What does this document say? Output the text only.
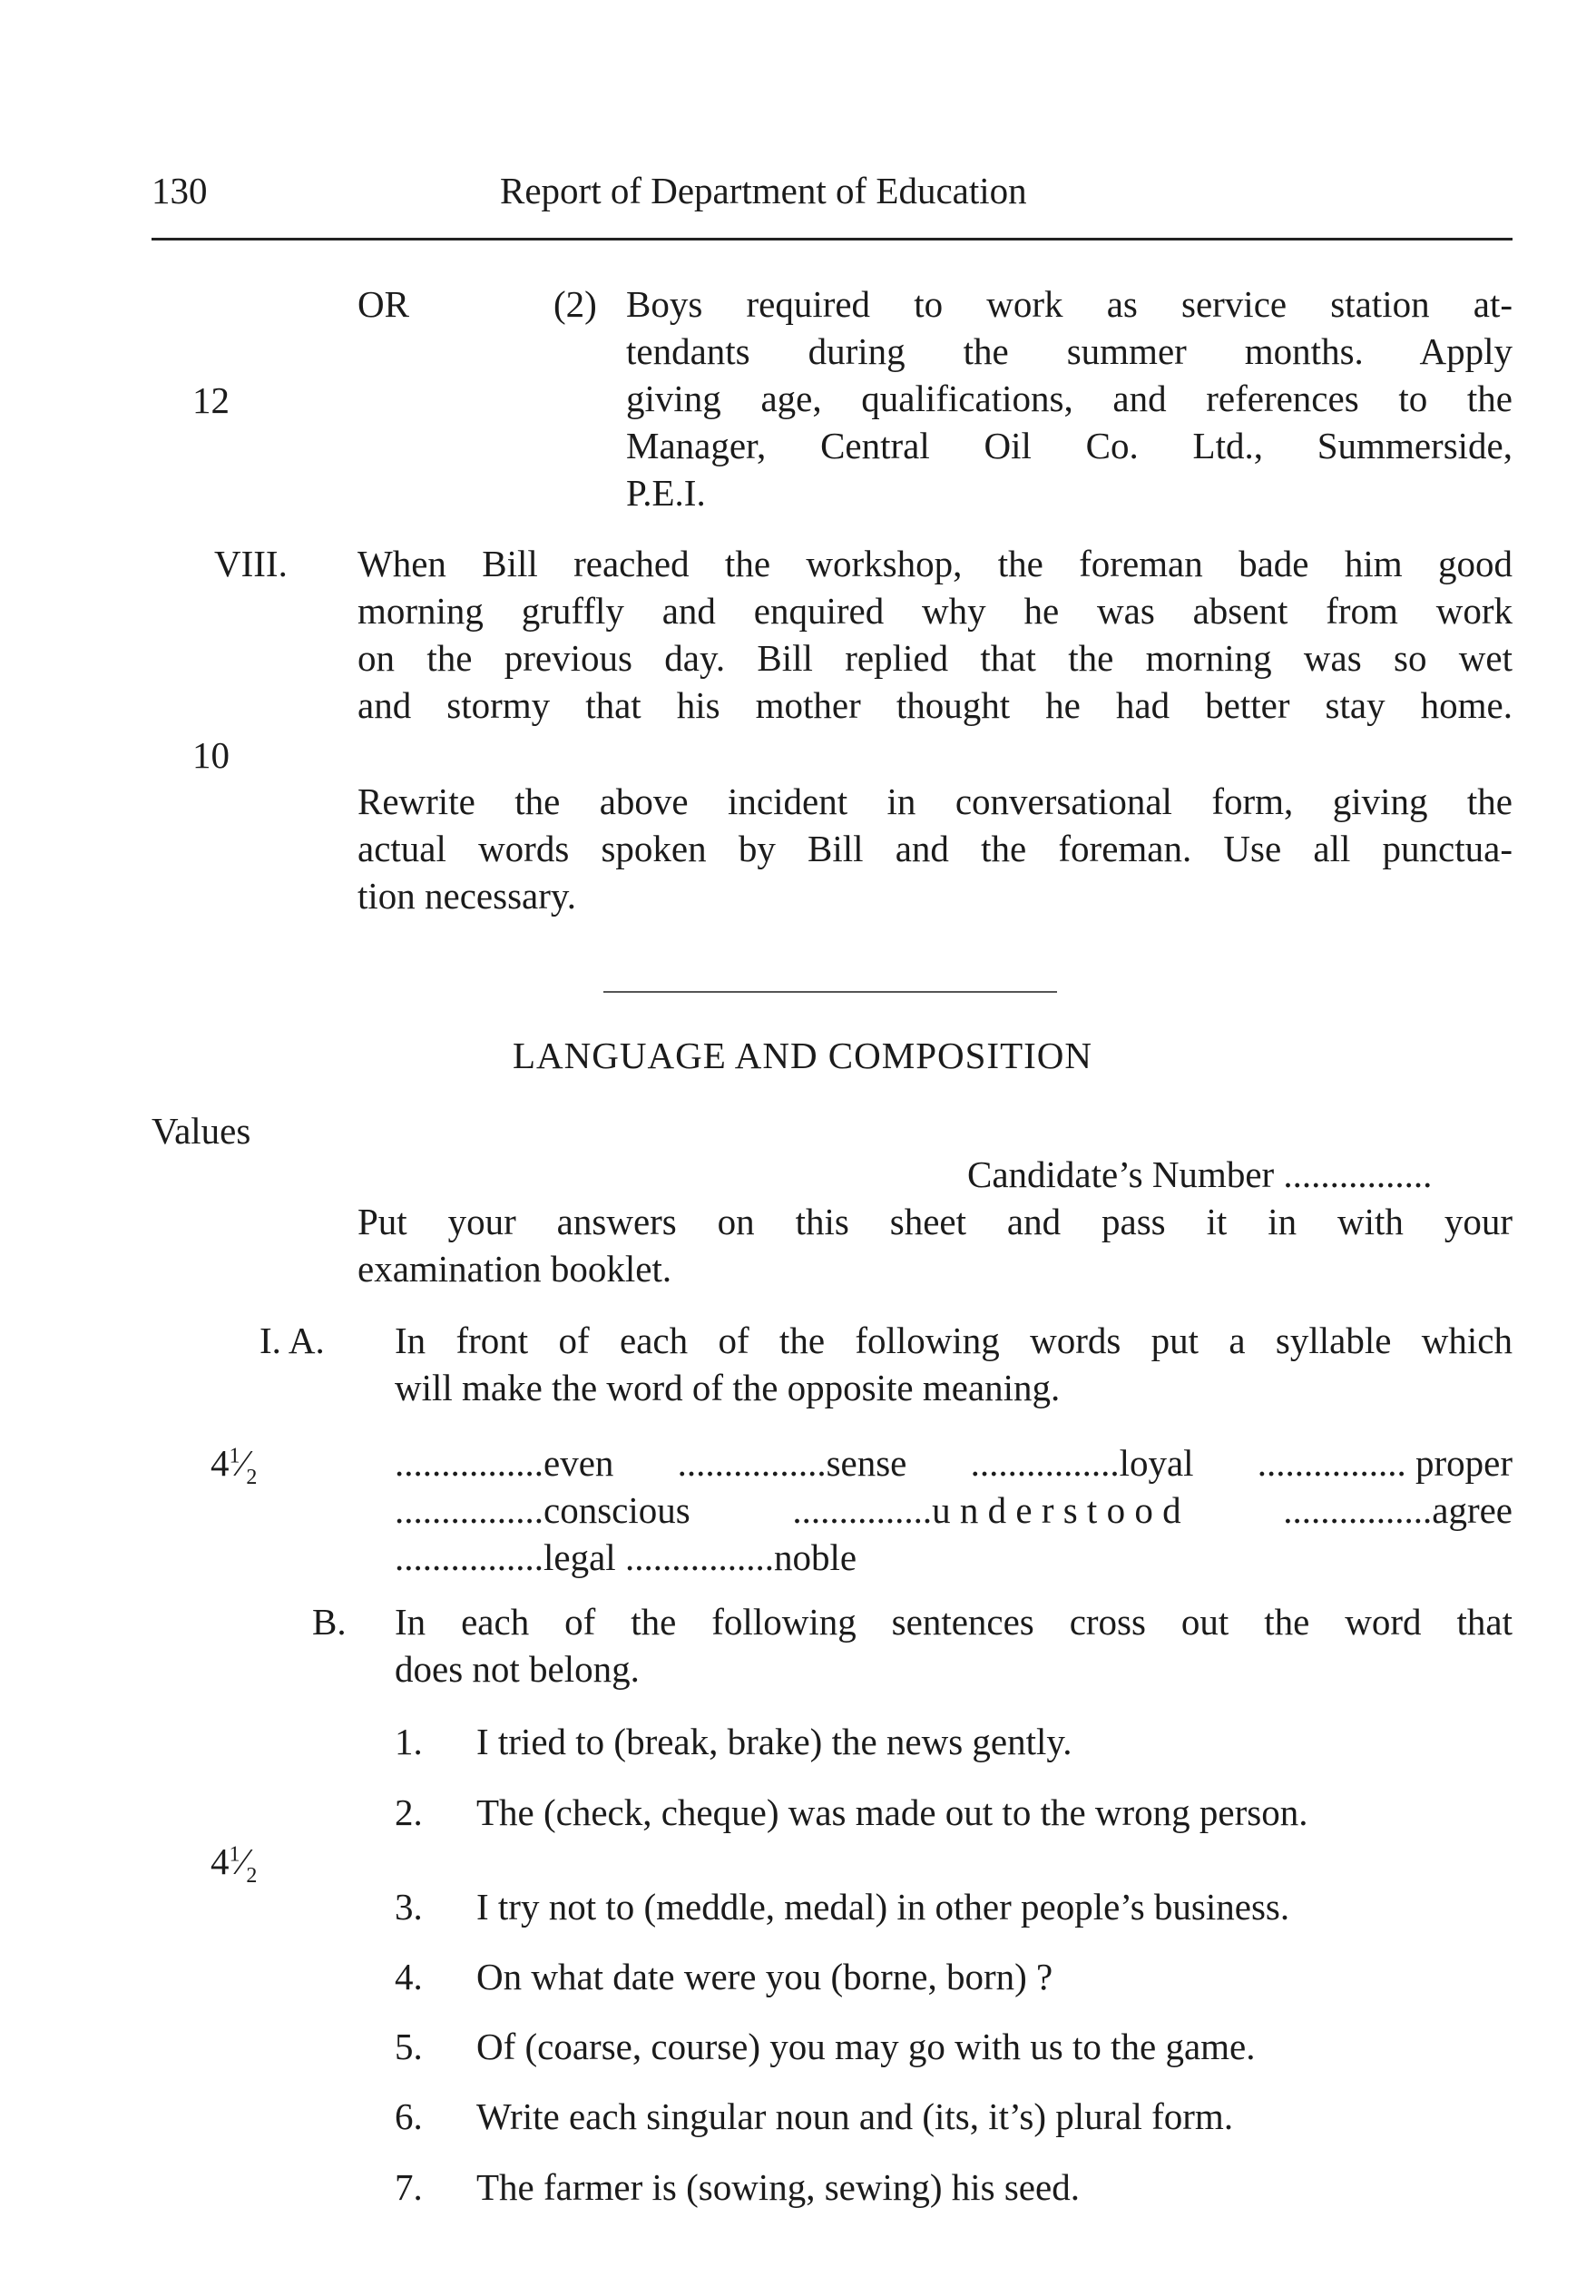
130	Report of Department of Education
OR	(2) Boys required to work as service station at-
tendants during the summer months. Apply
giving age, qualifications, and references to the
Manager, Central Oil Co. Ltd., Summerside,
P.E.I.
12
VIII. When Bill reached the workshop, the foreman bade him good
morning gruffly and enquired why he was absent from work
on the previous day. Bill replied that the morning was so wet
and stormy that his mother thought he had better stay home.
10
Rewrite the above incident in conversational form, giving the
actual words spoken by Bill and the foreman. Use all punctua-
tion necessary.
LANGUAGE AND COMPOSITION
Values
Candidate’s Number ................
Put your answers on this sheet and pass it in with your
examination booklet.
I. A. In front of each of the following words put a syllable which
will make the word of the opposite meaning.
$4^1⁄_2$	................even ................sense ................loyal ................ proper
................conscious	...............u n d e r s t o o d	................agree
................legal ................noble
B. In each of the following sentences cross out the word that
does not belong.
$4^1⁄_2$
1. I tried to (break, brake) the news gently.
2. The (check, cheque) was made out to the wrong person.
3. I try not to (meddle, medal) in other people’s business.
4. On what date were you (borne, born) ?
5. Of (coarse, course) you may go with us to the game.
6. Write each singular noun and (its, it’s) plural form.
7. The farmer is (sowing, sewing) his seed.
